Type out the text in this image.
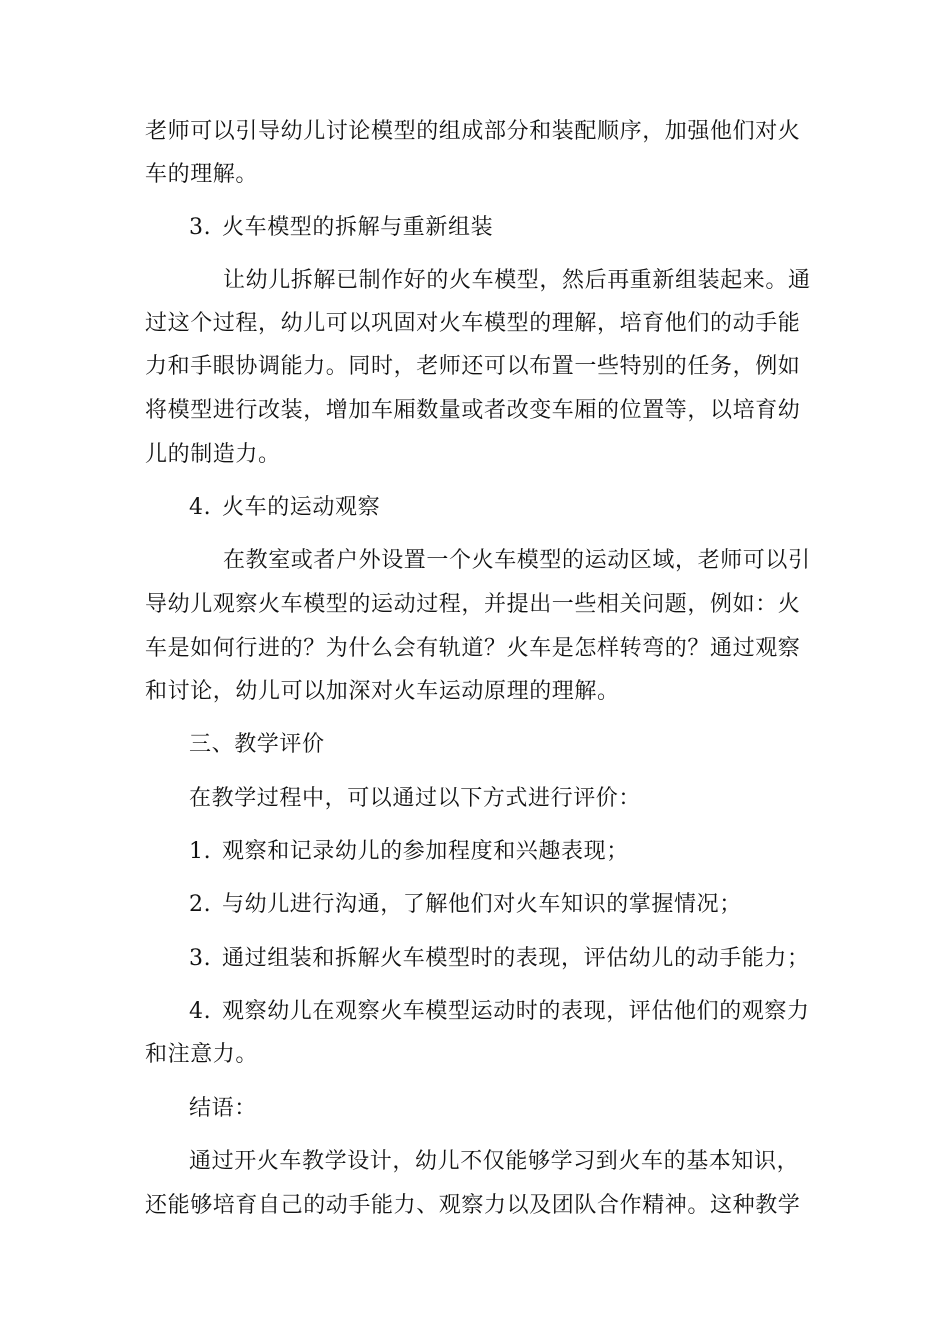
老师可以引导幼儿讨论模型的组成部分和装配顺序，加强他们对火
车的理解。
3. 火车模型的拆解与重新组装
让幼儿拆解已制作好的火车模型，然后再重新组装起来。通
过这个过程，幼儿可以巩固对火车模型的理解，培育他们的动手能
力和手眼协调能力。同时，老师还可以布置一些特别的任务，例如
将模型进行改装，增加车厢数量或者改变车厢的位置等，以培育幼
儿的制造力。
4. 火车的运动观察
在教室或者户外设置一个火车模型的运动区域，老师可以引
导幼儿观察火车模型的运动过程，并提出一些相关问题，例如：火
车是如何行进的？为什么会有轨道？火车是怎样转弯的？通过观察
和讨论，幼儿可以加深对火车运动原理的理解。
三、教学评价
在教学过程中，可以通过以下方式进行评价：
1. 观察和记录幼儿的参加程度和兴趣表现；
2. 与幼儿进行沟通，了解他们对火车知识的掌握情况；
3. 通过组装和拆解火车模型时的表现，评估幼儿的动手能力；
4. 观察幼儿在观察火车模型运动时的表现，评估他们的观察力
和注意力。
结语：
通过开火车教学设计，幼儿不仅能够学习到火车的基本知识，
还能够培育自己的动手能力、观察力以及团队合作精神。这种教学
